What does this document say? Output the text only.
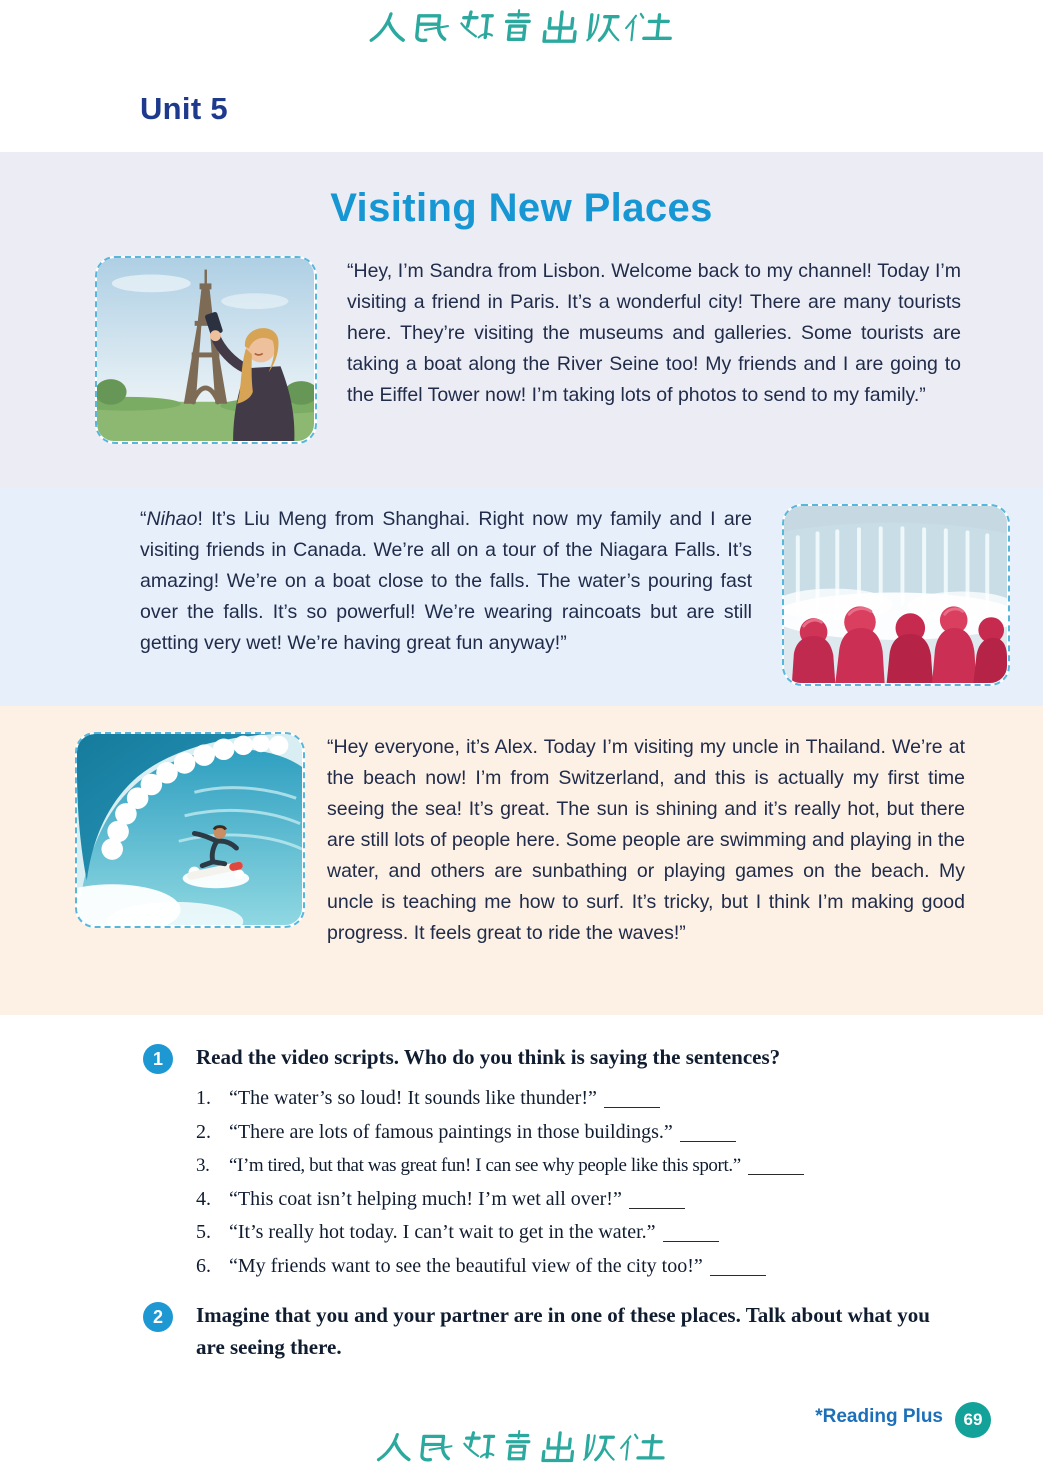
Unit 5
Visiting New Places
“Hey, I’m Sandra from Lisbon. Welcome back to my channel! Today I’m visiting a friend in Paris. It’s a wonderful city! There are many tourists here. They’re visiting the museums and galleries. Some tourists are taking a boat along the River Seine too! My friends and I are going to the Eiffel Tower now! I’m taking lots of photos to send to my family.”
“Nihao! It’s Liu Meng from Shanghai. Right now my family and I are visiting friends in Canada. We’re all on a tour of the Niagara Falls. It’s amazing! We’re on a boat close to the falls. The water’s pouring fast over the falls. It’s so powerful! We’re wearing raincoats but are still getting very wet! We’re having great fun anyway!”
“Hey everyone, it’s Alex. Today I’m visiting my uncle in Thailand. We’re at the beach now! I’m from Switzerland, and this is actually my first time seeing the sea! It’s great. The sun is shining and it’s really hot, but there are still lots of people here. Some people are swimming and playing in the water, and others are sunbathing or playing games on the beach. My uncle is teaching me how to surf. It’s tricky, but I think I’m making good progress. It feels great to ride the waves!”
1	Read the video scripts. Who do you think is saying the sentences?
1. “The water’s so loud! It sounds like thunder!”
2. “There are lots of famous paintings in those buildings.”
3. “I’m tired, but that was great fun! I can see why people like this sport.”
4. “This coat isn’t helping much! I’m wet all over!”
5. “It’s really hot today. I can’t wait to get in the water.”
6. “My friends want to see the beautiful view of the city too!”
2	Imagine that you and your partner are in one of these places. Talk about what you are seeing there.
*Reading Plus	69
